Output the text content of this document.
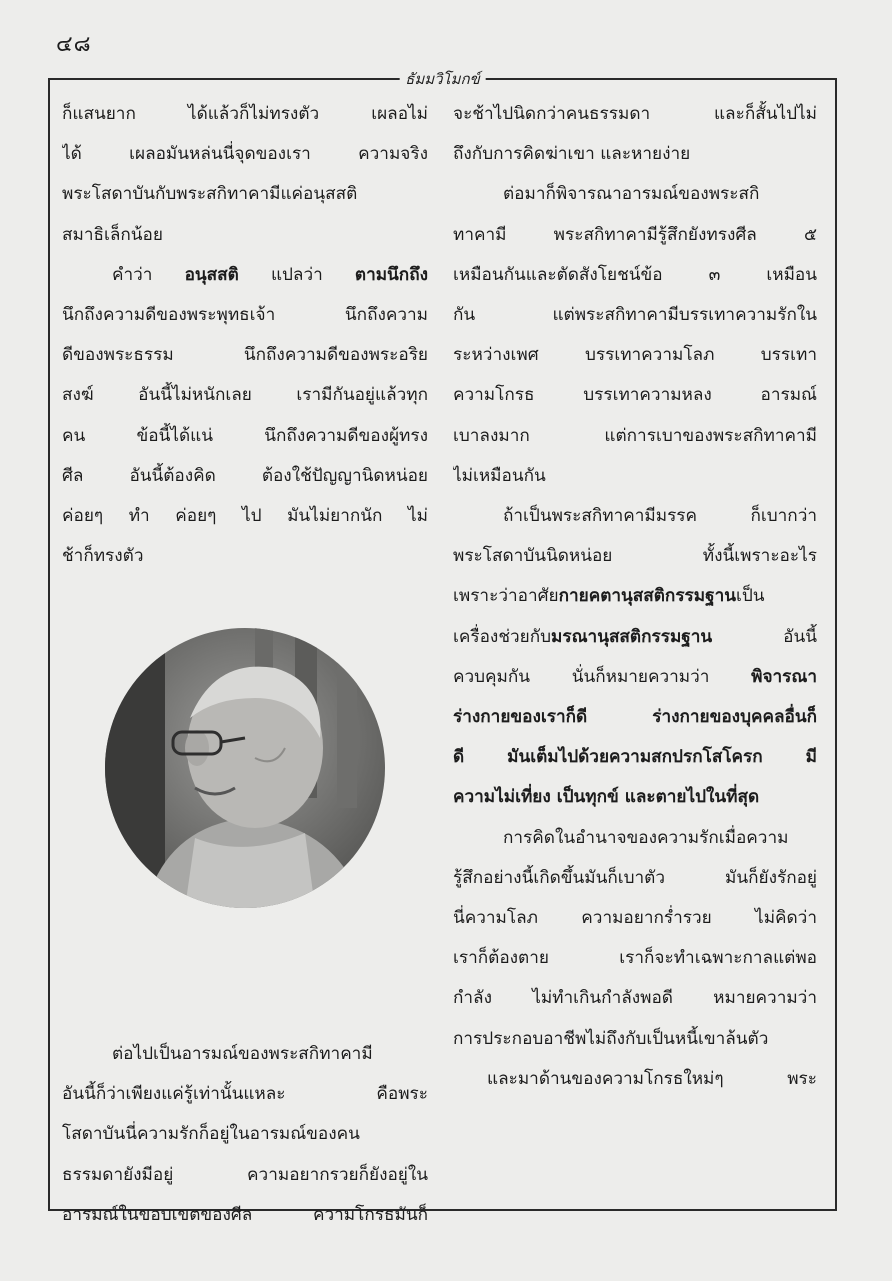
๔๘
ธัมมวิโมกข์
ก็แสนยาก ได้แล้วก็ไม่ทรงตัว เผลอไม่
ได้ เผลอมันหล่นนี่จุดของเรา ความจริง
พระโสดาบันกับพระสกิทาคามีแค่อนุสสติ
สมาธิเล็กน้อย
คำว่า อนุสสติ แปลว่า ตามนึกถึง
นึกถึงความดีของพระพุทธเจ้า นึกถึงความ
ดีของพระธรรม นึกถึงความดีของพระอริย
สงฆ์ อันนี้ไม่หนักเลย เรามีกันอยู่แล้วทุก
คน ข้อนี้ได้แน่ นึกถึงความดีของผู้ทรง
ศีล อันนี้ต้องคิด ต้องใช้ปัญญานิดหน่อย
ค่อยๆ ทำ ค่อยๆ ไป มันไม่ยากนัก ไม่
ช้าก็ทรงตัว
ต่อไปเป็นอารมณ์ของพระสกิทาคามี
อันนี้ก็ว่าเพียงแค่รู้เท่านั้นแหละ คือพระ
โสดาบันนี่ความรักก็อยู่ในอารมณ์ของคน
ธรรมดายังมีอยู่ ความอยากรวยก็ยังอยู่ใน
อารมณ์ในขอบเขตของศีล ความโกรธมันก็
จะช้าไปนิดกว่าคนธรรมดา และก็สั้นไปไม่
ถึงกับการคิดฆ่าเขา และหายง่าย
ต่อมาก็พิจารณาอารมณ์ของพระสกิ
ทาคามี พระสกิทาคามีรู้สึกยังทรงศีล ๕
เหมือนกันและตัดสังโยชน์ข้อ ๓ เหมือน
กัน แต่พระสกิทาคามีบรรเทาความรักใน
ระหว่างเพศ บรรเทาความโลภ บรรเทา
ความโกรธ บรรเทาความหลง อารมณ์
เบาลงมาก แต่การเบาของพระสกิทาคามี
ไม่เหมือนกัน
ถ้าเป็นพระสกิทาคามีมรรค ก็เบากว่า
พระโสดาบันนิดหน่อย ทั้งนี้เพราะอะไร
เพราะว่าอาศัยกายคตานุสสติกรรมฐานเป็น
เครื่องช่วยกับมรณานุสสติกรรมฐาน อันนี้
ควบคุมกัน นั่นก็หมายความว่า พิจารณา
ร่างกายของเราก็ดี ร่างกายของบุคคลอื่นก็
ดี มันเต็มไปด้วยความสกปรกโสโครก มี
ความไม่เที่ยง เป็นทุกข์ และตายไปในที่สุด
การคิดในอำนาจของความรักเมื่อความ
รู้สึกอย่างนี้เกิดขึ้นมันก็เบาตัว มันก็ยังรักอยู่
นี่ความโลภ ความอยากร่ำรวย ไม่คิดว่า
เราก็ต้องตาย เราก็จะทำเฉพาะกาลแต่พอ
กำลัง ไม่ทำเกินกำลังพอดี หมายความว่า
การประกอบอาชีพไม่ถึงกับเป็นหนี้เขาล้นตัว
และมาด้านของความโกรธใหม่ๆ พระ
